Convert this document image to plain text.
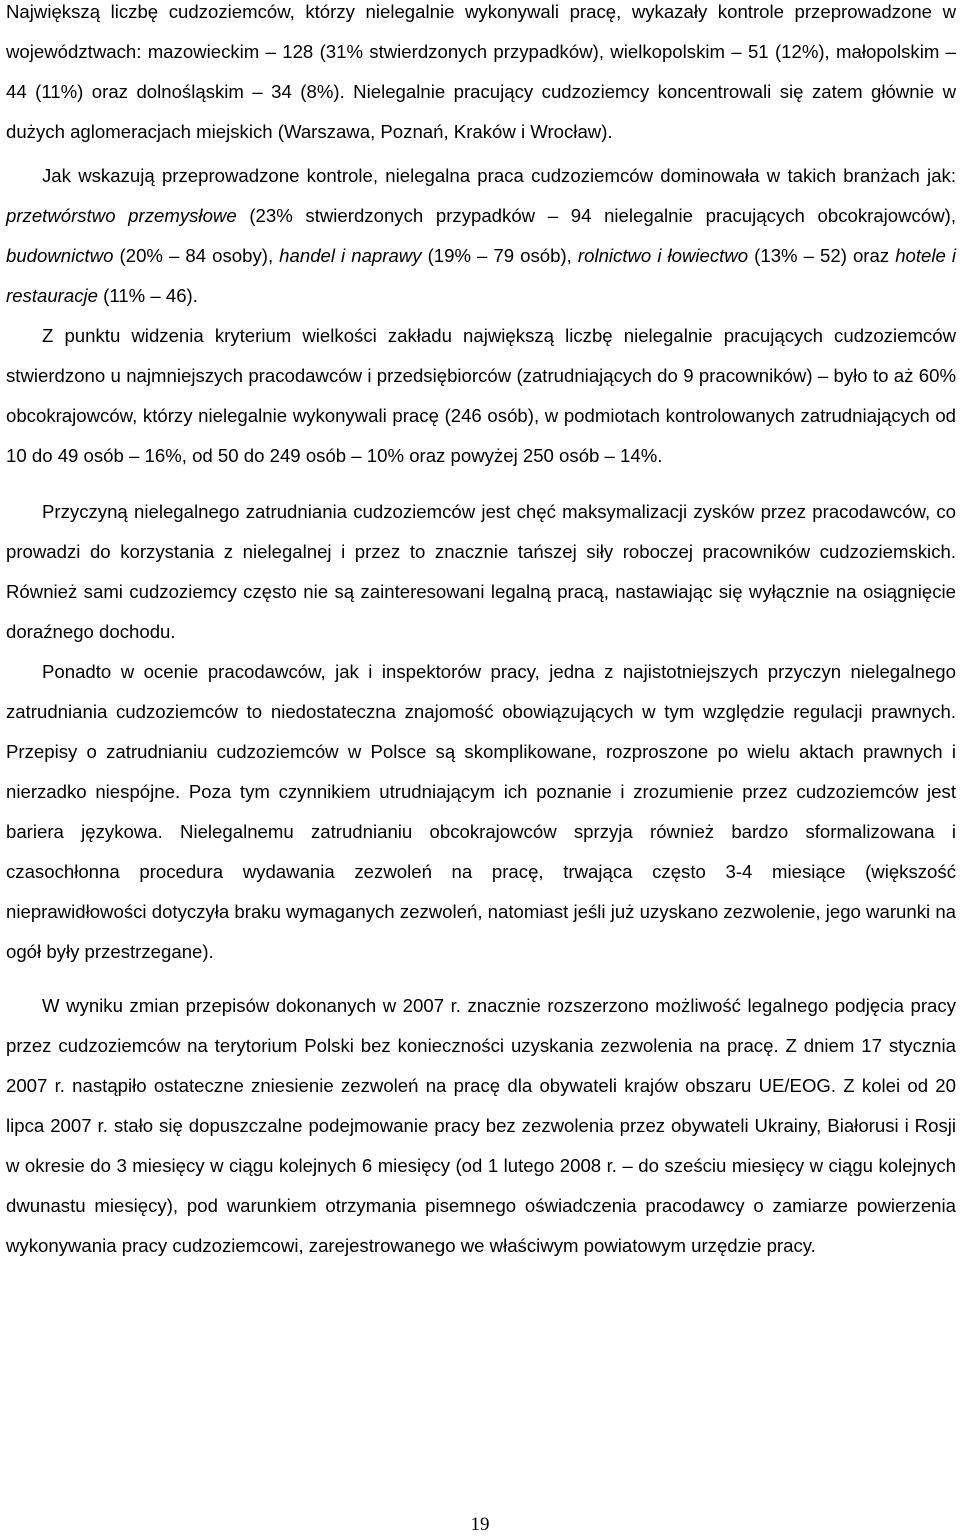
Największą liczbę cudzoziemców, którzy nielegalnie wykonywali pracę, wykazały kontrole przeprowadzone w województwach: mazowieckim – 128 (31% stwierdzonych przypadków), wielkopolskim – 51 (12%), małopolskim – 44 (11%) oraz dolnośląskim – 34 (8%). Nielegalnie pracujący cudzoziemcy koncentrowali się zatem głównie w dużych aglomeracjach miejskich (Warszawa, Poznań, Kraków i Wrocław).

Jak wskazują przeprowadzone kontrole, nielegalna praca cudzoziemców dominowała w takich branżach jak: przetwórstwo przemysłowe (23% stwierdzonych przypadków – 94 nielegalnie pracujących obcokrajowców), budownictwo (20% – 84 osoby), handel i naprawy (19% – 79 osób), rolnictwo i łowiectwo (13% – 52) oraz hotele i restauracje (11% – 46).

Z punktu widzenia kryterium wielkości zakładu największą liczbę nielegalnie pracujących cudzoziemców stwierdzono u najmniejszych pracodawców i przedsiębiorców (zatrudniających do 9 pracowników) – było to aż 60% obcokrajowców, którzy nielegalnie wykonywali pracę (246 osób), w podmiotach kontrolowanych zatrudniających od 10 do 49 osób – 16%, od 50 do 249 osób – 10% oraz powyżej 250 osób – 14%.

Przyczyną nielegalnego zatrudniania cudzoziemców jest chęć maksymalizacji zysków przez pracodawców, co prowadzi do korzystania z nielegalnej i przez to znacznie tańszej siły roboczej pracowników cudzoziemskich. Również sami cudzoziemcy często nie są zainteresowani legalną pracą, nastawiając się wyłącznie na osiągnięcie doraźnego dochodu.

Ponadto w ocenie pracodawców, jak i inspektorów pracy, jedna z najistotniejszych przyczyn nielegalnego zatrudniania cudzoziemców to niedostateczna znajomość obowiązujących w tym względzie regulacji prawnych. Przepisy o zatrudnianiu cudzoziemców w Polsce są skomplikowane, rozproszone po wielu aktach prawnych i nierzadko niespójne. Poza tym czynnikiem utrudniającym ich poznanie i zrozumienie przez cudzoziemców jest bariera językowa. Nielegalnemu zatrudnianiu obcokrajowców sprzyja również bardzo sformalizowana i czasochłonna procedura wydawania zezwoleń na pracę, trwająca często 3-4 miesiące (większość nieprawidłowości dotyczyła braku wymaganych zezwoleń, natomiast jeśli już uzyskano zezwolenie, jego warunki na ogół były przestrzegane).

W wyniku zmian przepisów dokonanych w 2007 r. znacznie rozszerzono możliwość legalnego podjęcia pracy przez cudzoziemców na terytorium Polski bez konieczności uzyskania zezwolenia na pracę. Z dniem 17 stycznia 2007 r. nastąpiło ostateczne zniesienie zezwoleń na pracę dla obywateli krajów obszaru UE/EOG. Z kolei od 20 lipca 2007 r. stało się dopuszczalne podejmowanie pracy bez zezwolenia przez obywateli Ukrainy, Białorusi i Rosji w okresie do 3 miesięcy w ciągu kolejnych 6 miesięcy (od 1 lutego 2008 r. – do sześciu miesięcy w ciągu kolejnych dwunastu miesięcy), pod warunkiem otrzymania pisemnego oświadczenia pracodawcy o zamiarze powierzenia wykonywania pracy cudzoziemcowi, zarejestrowanego we właściwym powiatowym urzędzie pracy.

19
